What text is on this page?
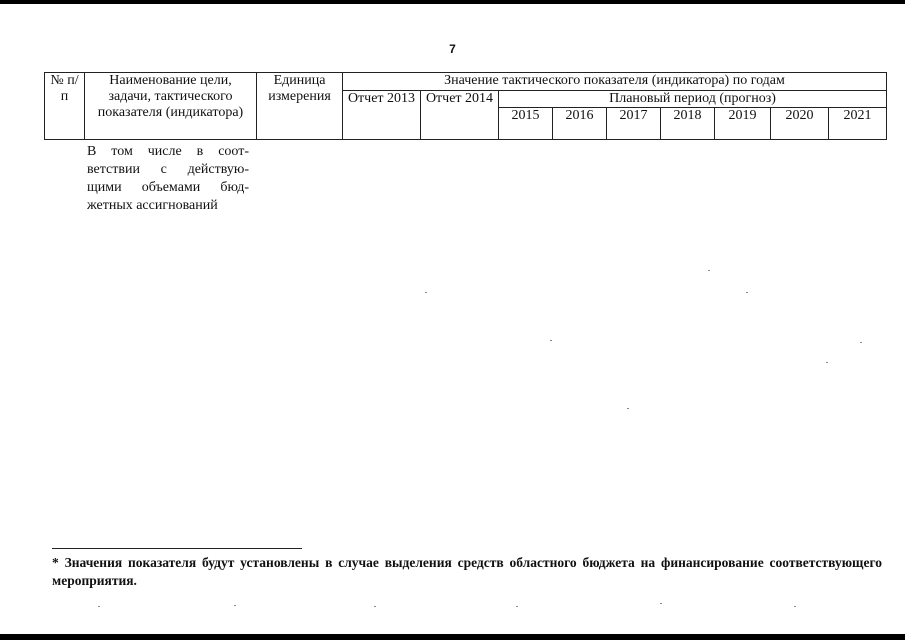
7
№ п/п	Наименование цели, задачи, тактического показателя (индикатора)	Единица измерения	Значение тактического показателя (индикатора) по годам								
			Отчет 2013	Отчет 2014	Плановый период (прогноз)						
					2015	2016	2017	2018	2019	2020	2021
В том числе в соот-
ветствии с действую-
щими объемами бюд-
жетных ассигнований
* Значения показателя будут установлены в случае выделения средств областного бюджета на финансирование соответствующего мероприятия.
